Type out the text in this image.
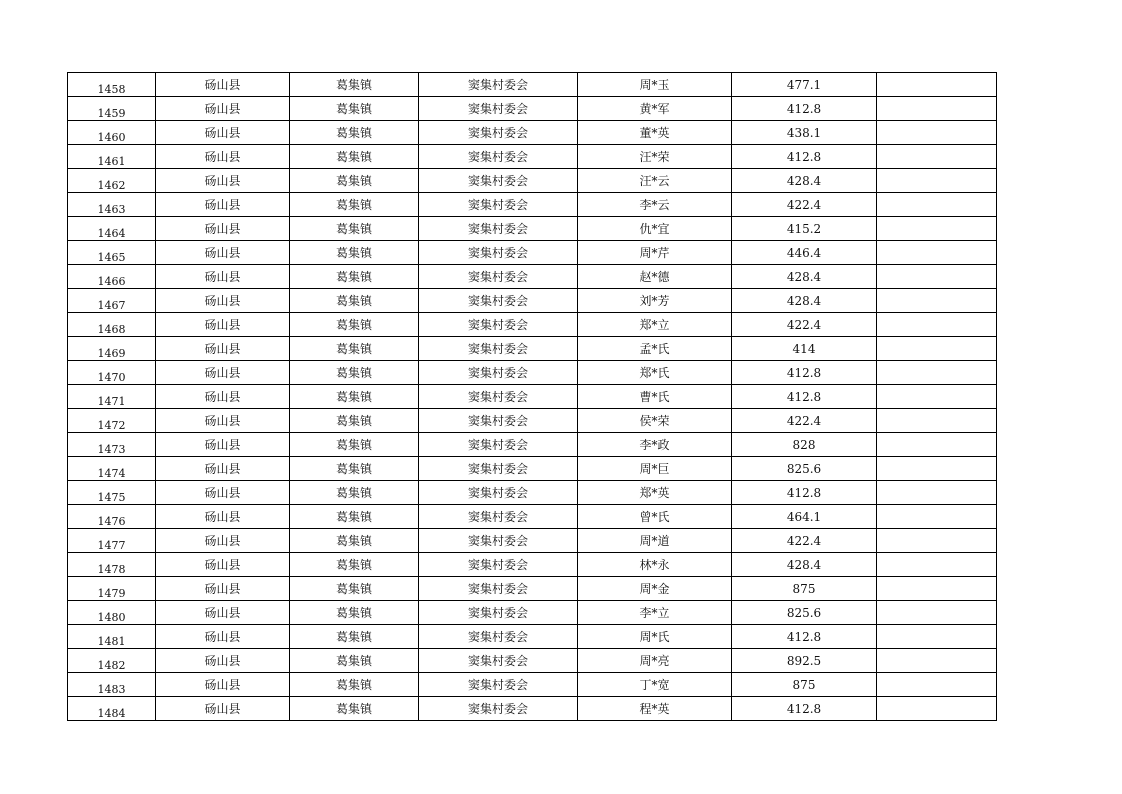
1458	砀山县	葛集镇	窦集村委会	周*玉	477.1	
1459	砀山县	葛集镇	窦集村委会	黄*军	412.8	
1460	砀山县	葛集镇	窦集村委会	董*英	438.1	
1461	砀山县	葛集镇	窦集村委会	汪*荣	412.8	
1462	砀山县	葛集镇	窦集村委会	汪*云	428.4	
1463	砀山县	葛集镇	窦集村委会	李*云	422.4	
1464	砀山县	葛集镇	窦集村委会	仇*宜	415.2	
1465	砀山县	葛集镇	窦集村委会	周*芹	446.4	
1466	砀山县	葛集镇	窦集村委会	赵*德	428.4	
1467	砀山县	葛集镇	窦集村委会	刘*芳	428.4	
1468	砀山县	葛集镇	窦集村委会	郑*立	422.4	
1469	砀山县	葛集镇	窦集村委会	孟*氏	414	
1470	砀山县	葛集镇	窦集村委会	郑*氏	412.8	
1471	砀山县	葛集镇	窦集村委会	曹*氏	412.8	
1472	砀山县	葛集镇	窦集村委会	侯*荣	422.4	
1473	砀山县	葛集镇	窦集村委会	李*政	828	
1474	砀山县	葛集镇	窦集村委会	周*巨	825.6	
1475	砀山县	葛集镇	窦集村委会	郑*英	412.8	
1476	砀山县	葛集镇	窦集村委会	曾*氏	464.1	
1477	砀山县	葛集镇	窦集村委会	周*道	422.4	
1478	砀山县	葛集镇	窦集村委会	林*永	428.4	
1479	砀山县	葛集镇	窦集村委会	周*金	875	
1480	砀山县	葛集镇	窦集村委会	李*立	825.6	
1481	砀山县	葛集镇	窦集村委会	周*氏	412.8	
1482	砀山县	葛集镇	窦集村委会	周*亮	892.5	
1483	砀山县	葛集镇	窦集村委会	丁*宽	875	
1484	砀山县	葛集镇	窦集村委会	程*英	412.8	
